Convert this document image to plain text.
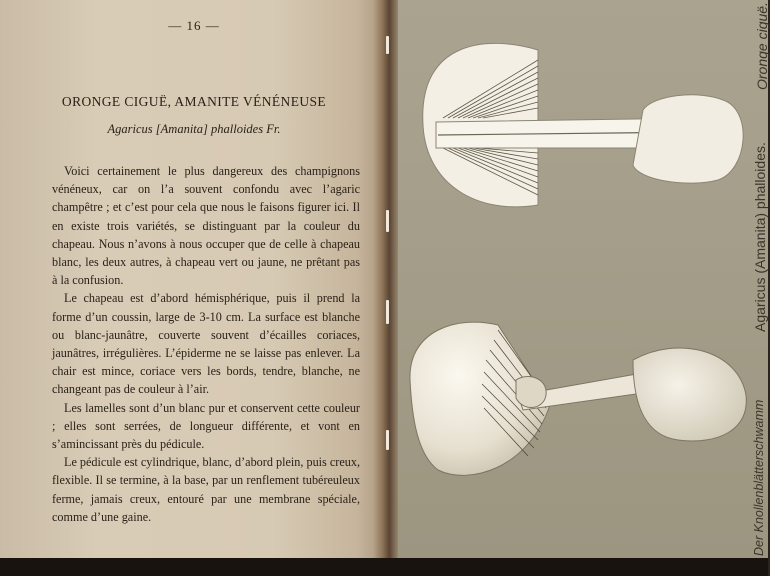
— 16 —
ORONGE CIGUË, AMANITE VÉNÉNEUSE
Agaricus [Amanita] phalloides Fr.

Voici certainement le plus dangereux des champignons vénéneux, car on l’a souvent confondu avec l’agaric champêtre ; et c’est pour cela que nous le faisons figurer ici. Il en existe trois variétés, se distinguant par la couleur du chapeau. Nous n’avons à nous occuper que de celle à chapeau blanc, les deux autres, à chapeau vert ou jaune, ne prêtant pas à la confusion.

Le chapeau est d’abord hémisphérique, puis il prend la forme d’un coussin, large de 3-10 cm. La surface est blanche ou blanc-jaunâtre, couverte souvent d’écailles coriaces, jaunâtres, irrégulières. L’épiderme ne se laisse pas enlever. La chair est mince, coriace vers les bords, tendre, blanche, ne changeant pas de couleur à l’air.

Les lamelles sont d’un blanc pur et conservent cette couleur ; elles sont serrées, de longueur différente, et vont en s’amincissant près du pédicule.

Le pédicule est cylindrique, blanc, d’abord plein, puis creux, flexible. Il se termine, à la base, par un renflement tubéreuleux ferme, jamais creux, entouré par une membrane spéciale, comme d’une gaine.

Oronge ciguë.
Agaricus (Amanita) phalloides.
Der Knollenblätterschwamm
